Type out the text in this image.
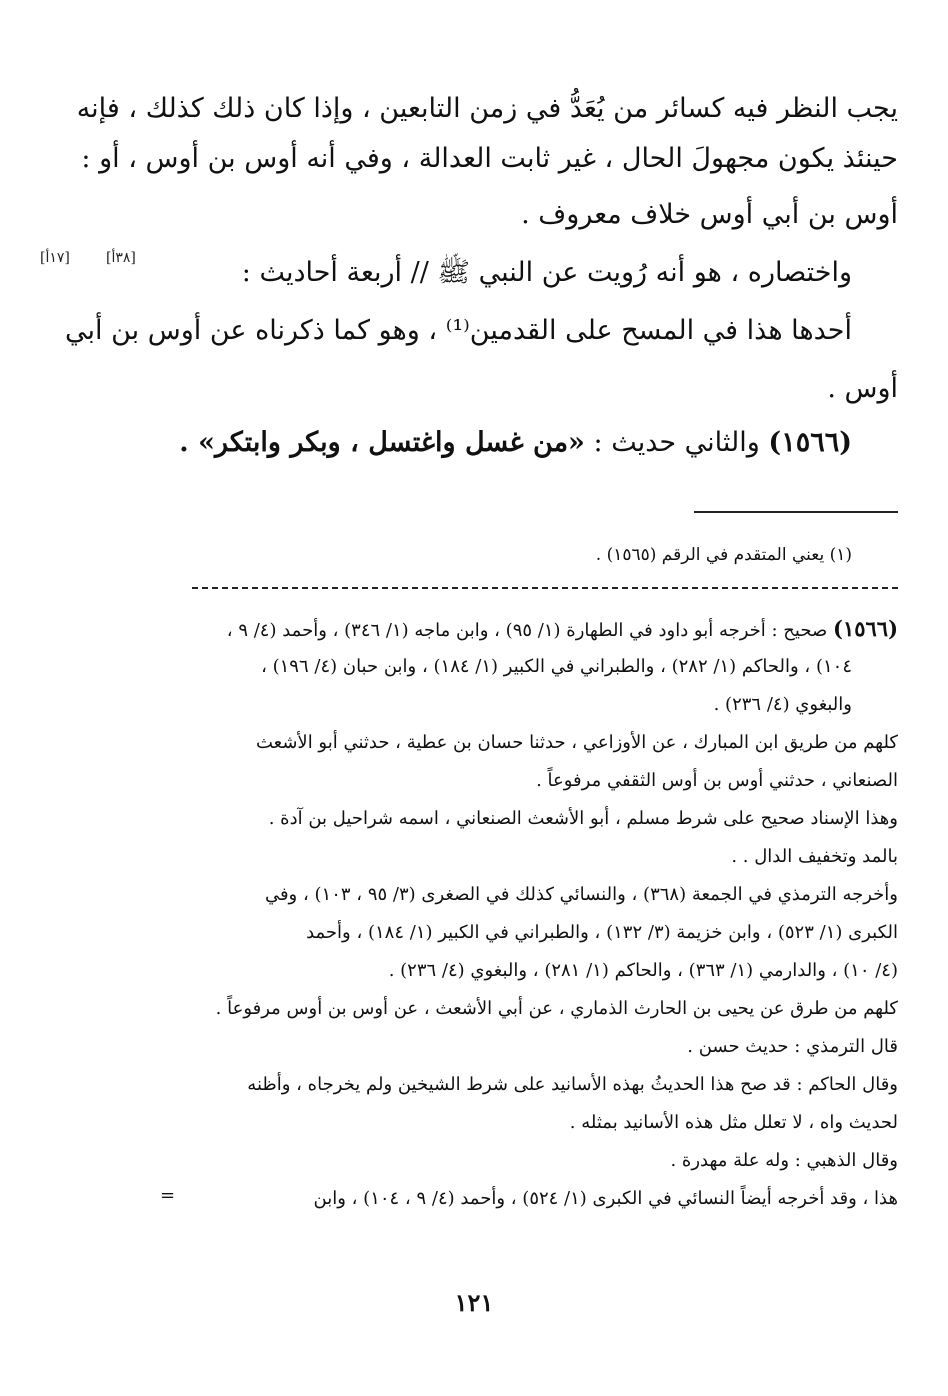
يجب النظر فيه كسائر من يُعَدُّ في زمن التابعين ، وإذا كان ذلك كذلك ، فإنه
حينئذ يكون مجهولَ الحال ، غير ثابت العدالة ، وفي أنه أوس بن أوس ، أو :
أوس بن أبي أوس خلاف معروف .
[٣٨أ]
[١٧أ]	واختصاره ، هو أنه رُويت عن النبي ﷺ // أربعة أحاديث :
أحدها هذا في المسح على القدمين⁽¹⁾ ، وهو كما ذكرناه عن أوس بن أبي
أوس .
(١٥٦٦) والثاني حديث : «من غسل واغتسل ، وبكر وابتكر» .
(١) يعني المتقدم في الرقم (١٥٦٥) .
(١٥٦٦) صحيح : أخرجه أبو داود في الطهارة (١/ ٩٥) ، وابن ماجه (١/ ٣٤٦) ، وأحمد (٤/ ٩ ،
١٠٤) ، والحاكم (١/ ٢٨٢) ، والطبراني في الكبير (١/ ١٨٤) ، وابن حبان (٤/ ١٩٦) ،
والبغوي (٤/ ٢٣٦) .
كلهم من طريق ابن المبارك ، عن الأوزاعي ، حدثنا حسان بن عطية ، حدثني أبو الأشعث
الصنعاني ، حدثني أوس بن أوس الثقفي مرفوعاً .
وهذا الإسناد صحيح على شرط مسلم ، أبو الأشعث الصنعاني ، اسمه شراحيل بن آدة .
بالمد وتخفيف الدال . .
وأخرجه الترمذي في الجمعة (٣٦٨) ، والنسائي كذلك في الصغرى (٣/ ٩٥ ، ١٠٣) ، وفي
الكبرى (١/ ٥٢٣) ، وابن خزيمة (٣/ ١٣٢) ، والطبراني في الكبير (١/ ١٨٤) ، وأحمد
(٤/ ١٠) ، والدارمي (١/ ٣٦٣) ، والحاكم (١/ ٢٨١) ، والبغوي (٤/ ٢٣٦) .
كلهم من طرق عن يحيى بن الحارث الذماري ، عن أبي الأشعث ، عن أوس بن أوس مرفوعاً .
قال الترمذي : حديث حسن .
وقال الحاكم : قد صح هذا الحديثُ بهذه الأسانيد على شرط الشيخين ولم يخرجاه ، وأظنه
لحديث واه ، لا تعلل مثل هذه الأسانيد بمثله .
وقال الذهبي : وله علة مهدرة .
هذا ، وقد أخرجه أيضاً النسائي في الكبرى (١/ ٥٢٤) ، وأحمد (٤/ ٩ ، ١٠٤) ، وابن
=
١٢١
